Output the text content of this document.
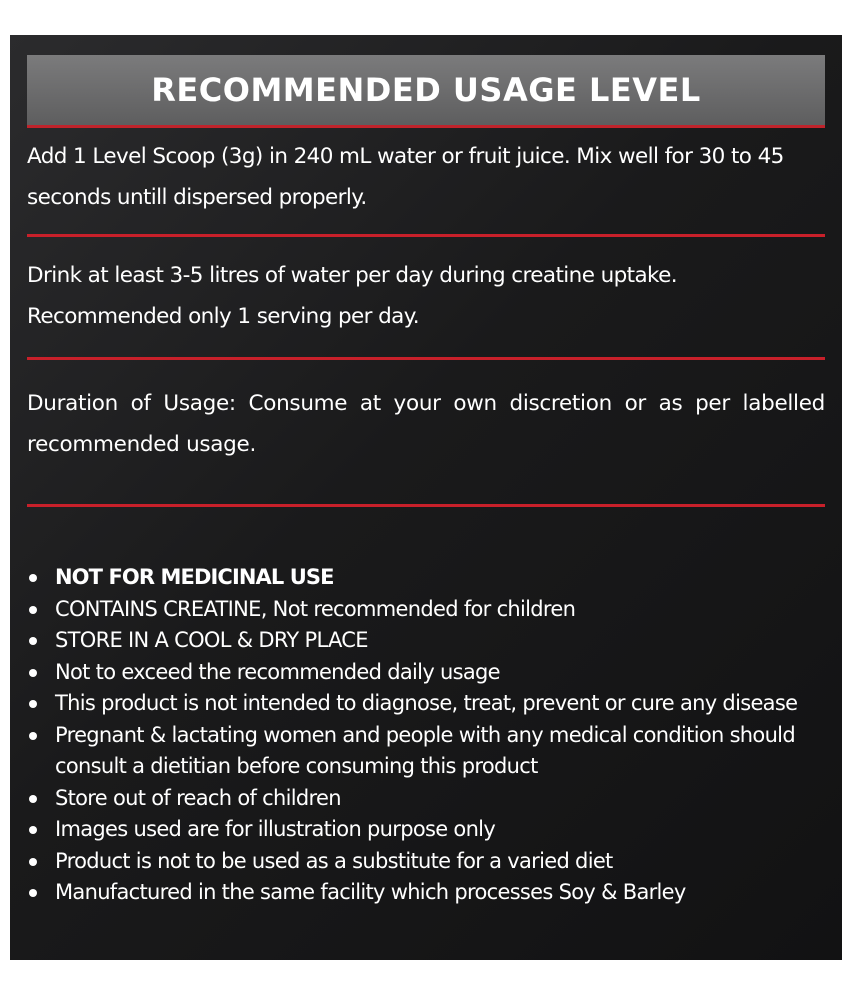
RECOMMENDED USAGE LEVEL
Add 1 Level Scoop (3g) in 240 mL water or fruit juice. Mix well for 30 to 45 seconds untill dispersed properly.
Drink at least 3-5 litres of water per day during creatine uptake. Recommended only 1 serving per day.
Duration of Usage: Consume at your own discretion or as per labelled recommended usage.
NOT FOR MEDICINAL USE
CONTAINS CREATINE, Not recommended for children
STORE IN A COOL & DRY PLACE
Not to exceed the recommended daily usage
This product is not intended to diagnose, treat, prevent or cure any disease
Pregnant & lactating women and people with any medical condition should consult a dietitian before consuming this product
Store out of reach of children
Images used are for illustration purpose only
Product is not to be used as a substitute for a varied diet
Manufactured in the same facility which processes Soy & Barley
